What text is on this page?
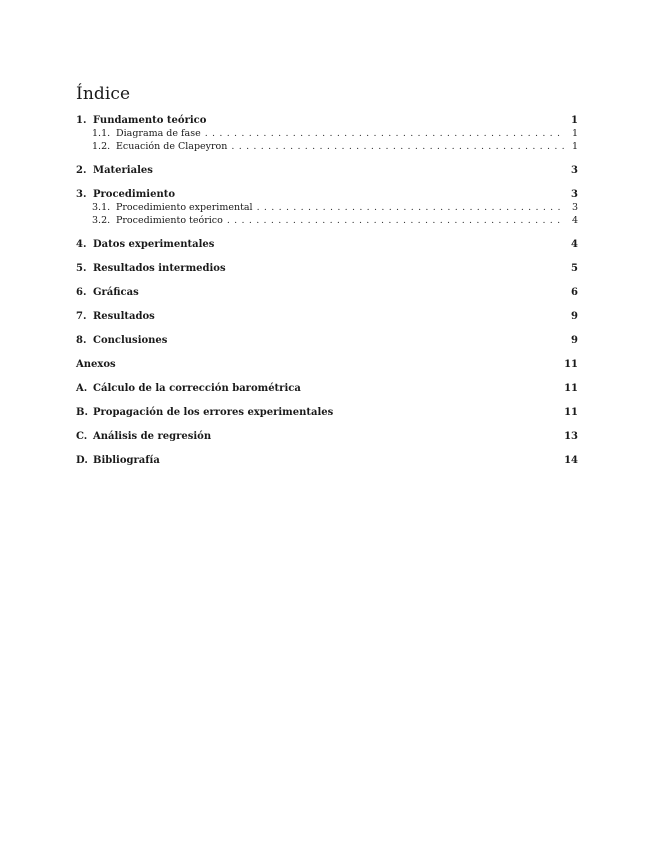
Índice
1. Fundamento teórico	1
1.1. Diagrama de fase . . .	1
1.2. Ecuación de Clapeyron . . .	1
2. Materiales	3
3. Procedimiento	3
3.1. Procedimiento experimental . . .	3
3.2. Procedimiento teórico . . .	4
4. Datos experimentales	4
5. Resultados intermedios	5
6. Gráficas	6
7. Resultados	9
8. Conclusiones	9
Anexos	11
A. Cálculo de la corrección barométrica	11
B. Propagación de los errores experimentales	11
C. Análisis de regresión	13
D. Bibliografía	14
